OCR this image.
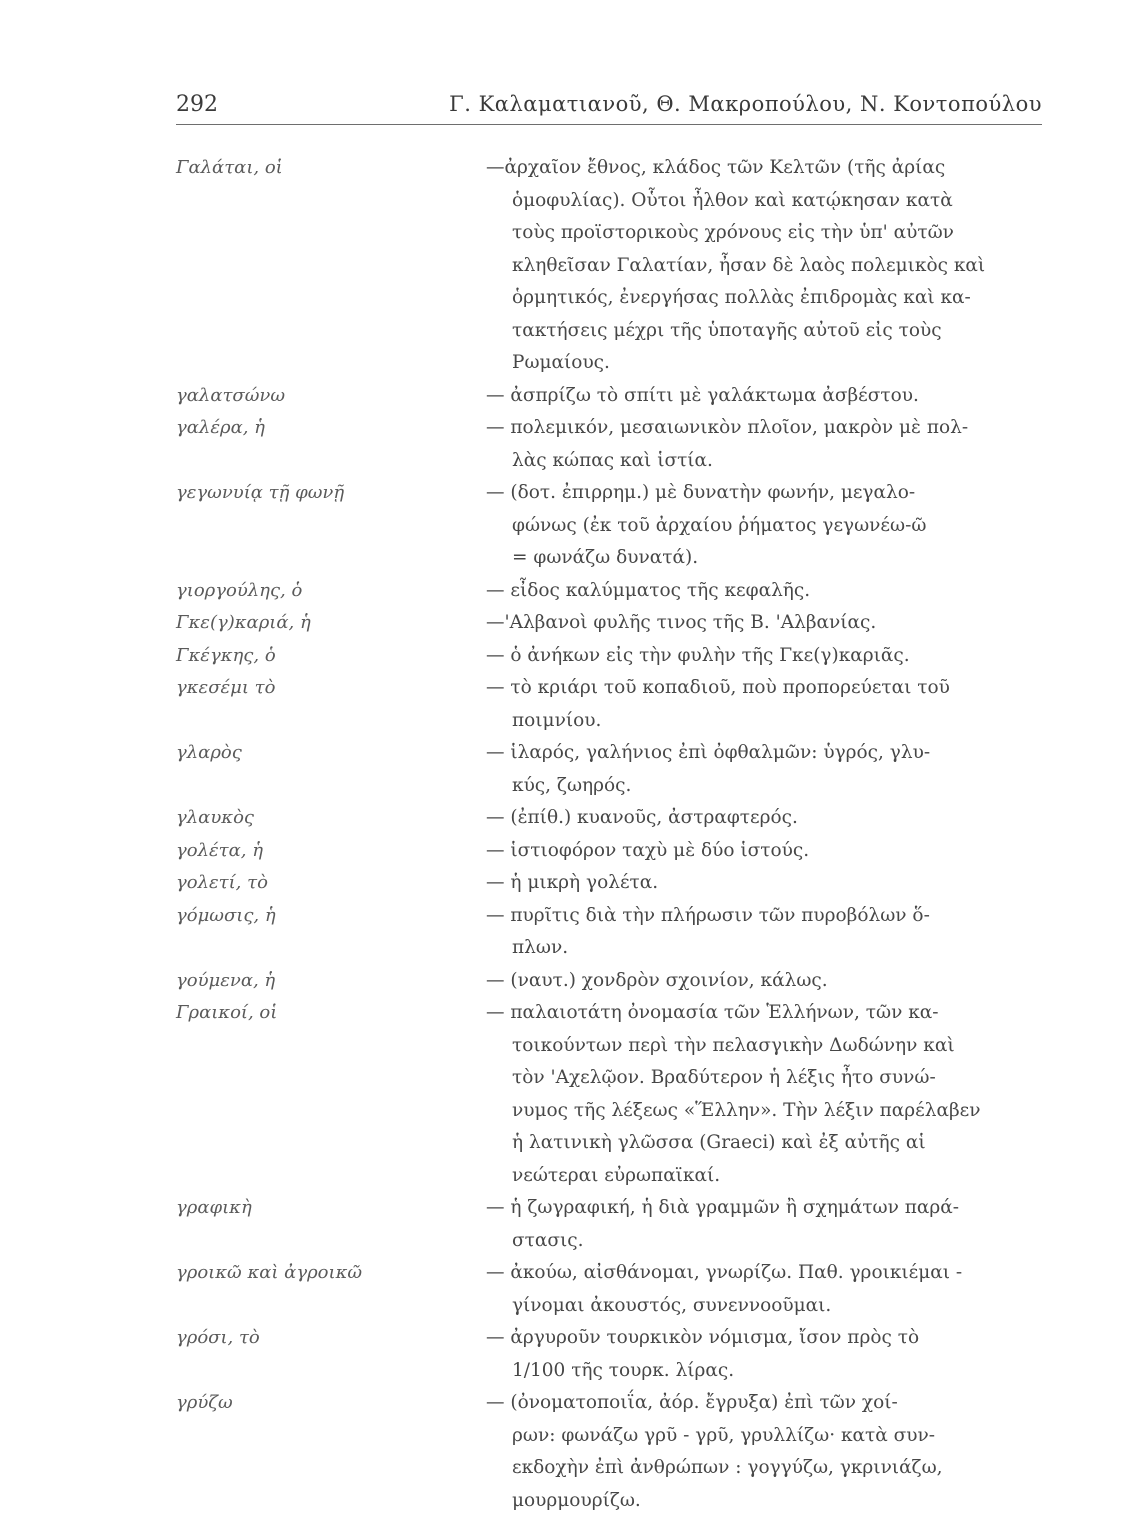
292	Γ. Καλαματιανοῦ, Θ. Μακροπούλου, Ν. Κοντοπούλου
Γαλάται, οἱ	—ἀρχαῖον ἔθνος, κλάδος τῶν Κελτῶν (τῆς ἀρίας
ὁμοφυλίας). Οὗτοι ἦλθον καὶ κατῴκησαν κατὰ
τοὺς προϊστορικοὺς χρόνους εἰς τὴν ὑπ' αὐτῶν
κληθεῖσαν Γαλατίαν, ἦσαν δὲ λαὸς πολεμικὸς καὶ
ὁρμητικός, ἐνεργήσας πολλὰς ἐπιδρομὰς καὶ κα-
τακτήσεις μέχρι τῆς ὑποταγῆς αὐτοῦ εἰς τοὺς
Ρωμαίους.
γαλατσώνω	— ἀσπρίζω τὸ σπίτι μὲ γαλάκτωμα ἀσβέστου.
γαλέρα, ἡ	— πολεμικόν, μεσαιωνικὸν πλοῖον, μακρὸν μὲ πολ-
λὰς κώπας καὶ ἱστία.
γεγωνυίᾳ τῇ φωνῇ	— (δοτ. ἐπιρρημ.) μὲ δυνατὴν φωνήν, μεγαλο-
φώνως (ἐκ τοῦ ἀρχαίου ῥήματος γεγωνέω-ῶ
= φωνάζω δυνατά).
γιοργούλης, ὁ	— εἶδος καλύμματος τῆς κεφαλῆς.
Γκε(γ)καριά, ἡ	—'Αλβανοὶ φυλῆς τινος τῆς Β. 'Αλβανίας.
Γκέγκης, ὁ	— ὁ ἀνήκων εἰς τὴν φυλὴν τῆς Γκε(γ)καριᾶς.
γκεσέμι τὸ	— τὸ κριάρι τοῦ κοπαδιοῦ, ποὺ προπορεύεται τοῦ
ποιμνίου.
γλαρὸς	— ἱλαρός, γαλήνιος ἐπὶ ὀφθαλμῶν: ὑγρός, γλυ-
κύς, ζωηρός.
γλαυκὸς	— (ἐπίθ.) κυανοῦς, ἀστραφτερός.
γολέτα, ἡ	— ἱστιοφόρον ταχὺ μὲ δύο ἱστούς.
γολετί, τὸ	— ἡ μικρὴ γολέτα.
γόμωσις, ἡ	— πυρῖτις διὰ τὴν πλήρωσιν τῶν πυροβόλων ὅ-
πλων.
γούμενα, ἡ	— (ναυτ.) χονδρὸν σχοινίον, κάλως.
Γραικοί, οἱ	— παλαιοτάτη ὀνομασία τῶν Ἑλλήνων, τῶν κα-
τοικούντων περὶ τὴν πελασγικὴν Δωδώνην καὶ
τὸν 'Αχελῷον. Βραδύτερον ἡ λέξις ἦτο συνώ-
νυμος τῆς λέξεως «Ἕλλην». Τὴν λέξιν παρέλαβεν
ἡ λατινικὴ γλῶσσα (Graeci) καὶ ἐξ αὐτῆς αἱ
νεώτεραι εὐρωπαϊκαί.
γραφικὴ	— ἡ ζωγραφική, ἡ διὰ γραμμῶν ἢ σχημάτων παρά-
στασις.
γροικῶ καὶ ἀγροικῶ	— ἀκούω, αἰσθάνομαι, γνωρίζω. Παθ. γροικιέμαι -
γίνομαι ἀκουστός, συνεννοοῦμαι.
γρόσι, τὸ	— ἀργυροῦν τουρκικὸν νόμισμα, ἴσον πρὸς τὸ
1/100 τῆς τουρκ. λίρας.
γρύζω	— (ὀνοματοποιΐα, ἀόρ. ἔγρυξα) ἐπὶ τῶν χοί-
ρων: φωνάζω γρῦ - γρῦ, γρυλλίζω· κατὰ συν-
εκδοχὴν ἐπὶ ἀνθρώπων : γογγύζω, γκρινιάζω,
μουρμουρίζω.
